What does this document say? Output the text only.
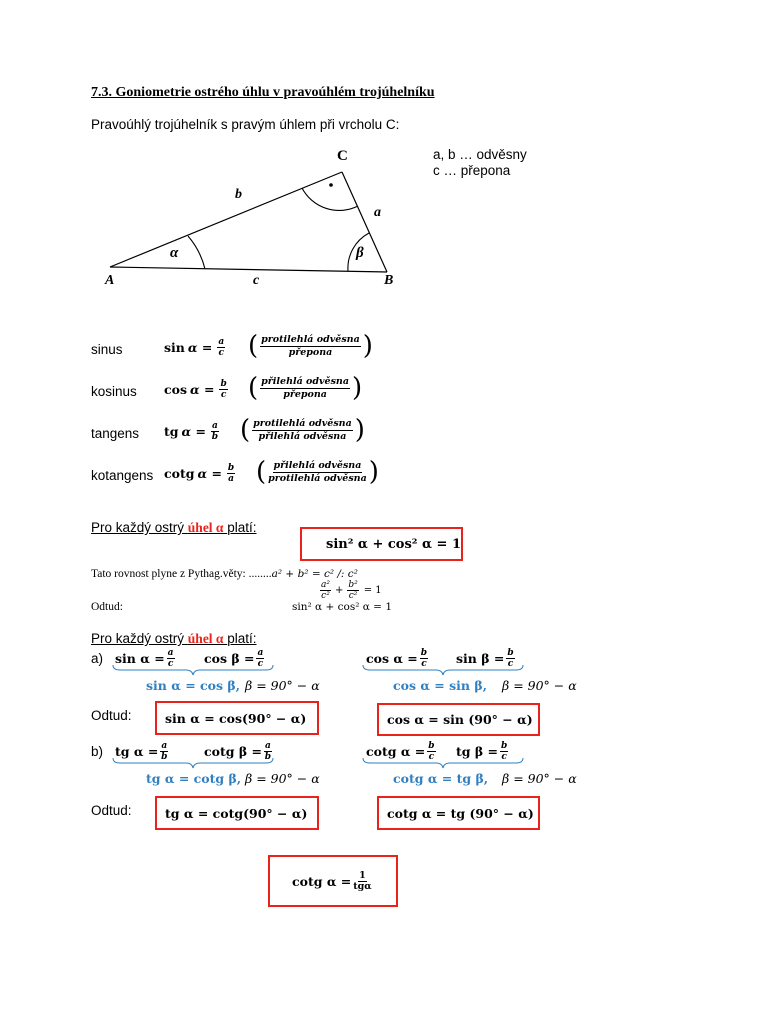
7.3. Goniometrie ostrého úhlu v pravoúhlém trojúhelníku
Pravoúhlý trojúhelník s pravým úhlem při vrcholu C:
C
A	B
b
a
c
α	β
a, b … odvěsny
c … přepona
sinus	$\sin \alpha = \frac{a}{c}$ ( $\frac{\text{protilehlá odvěsna}}{\text{přepona}}$ )
kosinus $\cos \alpha = \frac{b}{c}$ ( $\frac{\text{přilehlá odvěsna}}{\text{přepona}}$ )
tangens tg $\alpha = \frac{a}{b}$ ( $\frac{\text{protilehlá odvěsna}}{\text{přilehlá odvěsna}}$ )
kotangens cotg $\alpha = \frac{b}{a}$ ( $\frac{\text{přilehlá odvěsna}}{\text{protilehlá odvěsna}}$ )
Pro každý ostrý úhel α platí:
sin² α + cos² α = 1
Tato rovnost plyne z Pythag.věty: ........a² + b² = c² /: c²
$\frac{\text{a²}}{\text{c²}} + \frac{\text{b²}}{\text{c²}} = 1$
Odtud:	sin² α + cos² α = 1
Pro každý ostrý úhel α platí:
a) $\sin \alpha = \frac{a}{c}$ $\cos \beta = \frac{a}{c}$
sin α = cos β, β = 90° − α
$\cos \alpha = \frac{b}{c}$ $\sin \beta = \frac{b}{c}$
cos α = sin β, β = 90° − α
Odtud:	sin α = cos(90° − α)	cos α = sin (90° − α)
b) tg $\alpha = \frac{a}{b}$	cotg $\beta = \frac{a}{b}$
tg α = cotg β, β = 90° − α
cotg $\alpha = \frac{b}{c}$ tg $\beta = \frac{b}{c}$
cotg α = tg β, β = 90° − α
Odtud:	tg α = cotg(90° − α)	cotg α = tg (90° − α)
cotg $\alpha = \frac{1}{\text{tgα}}$
